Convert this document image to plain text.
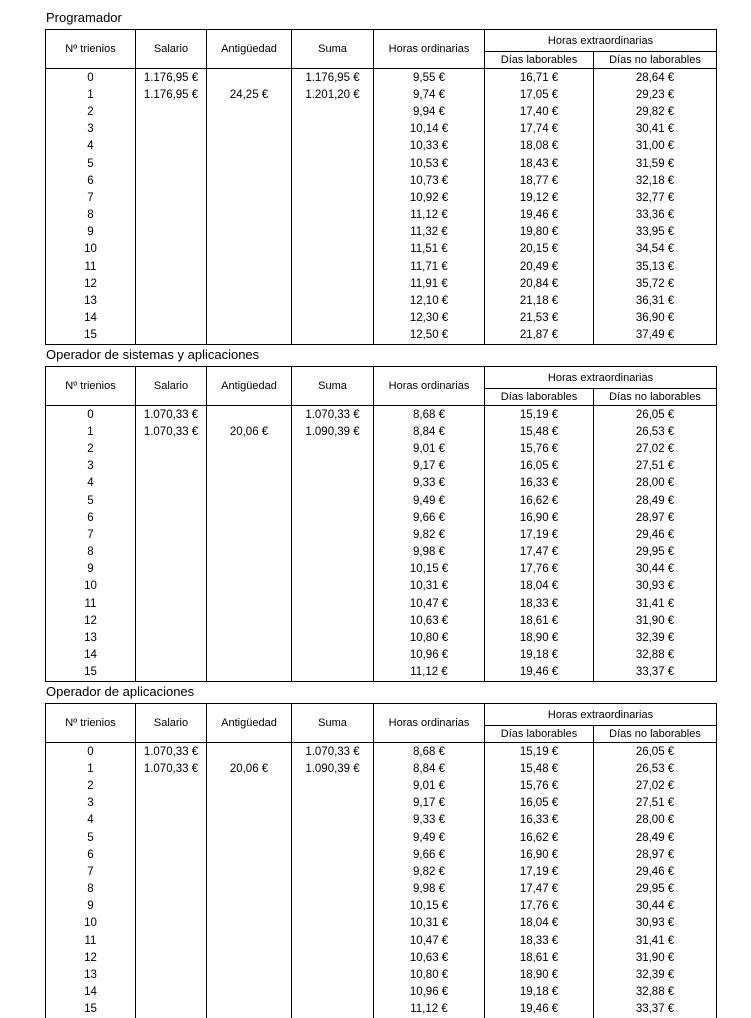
Programador
Nº trienios	Salario	Antigüedad	Suma	Horas ordinarias	Horas extraordinarias	
					Días laborables	Días no laborables
0	1.176,95 €		1.176,95 €	9,55 €	16,71 €	28,64 €
1	1.176,95 €	24,25 €	1.201,20 €	9,74 €	17,05 €	29,23 €
2				9,94 €	17,40 €	29,82 €
3				10,14 €	17,74 €	30,41 €
4				10,33 €	18,08 €	31,00 €
5				10,53 €	18,43 €	31,59 €
6				10,73 €	18,77 €	32,18 €
7				10,92 €	19,12 €	32,77 €
8				11,12 €	19,46 €	33,36 €
9				11,32 €	19,80 €	33,95 €
10				11,51 €	20,15 €	34,54 €
11				11,71 €	20,49 €	35,13 €
12				11,91 €	20,84 €	35,72 €
13				12,10 €	21,18 €	36,31 €
14				12,30 €	21,53 €	36,90 €
15				12,50 €	21,87 €	37,49 €
Operador de sistemas y aplicaciones
Nº trienios	Salario	Antigüedad	Suma	Horas ordinarias	Horas extraordinarias	
					Días laborables	Días no laborables
0	1.070,33 €		1.070,33 €	8,68 €	15,19 €	26,05 €
1	1.070,33 €	20,06 €	1.090,39 €	8,84 €	15,48 €	26,53 €
2				9,01 €	15,76 €	27,02 €
3				9,17 €	16,05 €	27,51 €
4				9,33 €	16,33 €	28,00 €
5				9,49 €	16,62 €	28,49 €
6				9,66 €	16,90 €	28,97 €
7				9,82 €	17,19 €	29,46 €
8				9,98 €	17,47 €	29,95 €
9				10,15 €	17,76 €	30,44 €
10				10,31 €	18,04 €	30,93 €
11				10,47 €	18,33 €	31,41 €
12				10,63 €	18,61 €	31,90 €
13				10,80 €	18,90 €	32,39 €
14				10,96 €	19,18 €	32,88 €
15				11,12 €	19,46 €	33,37 €
Operador de aplicaciones
Nº trienios	Salario	Antigüedad	Suma	Horas ordinarias	Horas extraordinarias	
					Días laborables	Días no laborables
0	1.070,33 €		1.070,33 €	8,68 €	15,19 €	26,05 €
1	1.070,33 €	20,06 €	1.090,39 €	8,84 €	15,48 €	26,53 €
2				9,01 €	15,76 €	27,02 €
3				9,17 €	16,05 €	27,51 €
4				9,33 €	16,33 €	28,00 €
5				9,49 €	16,62 €	28,49 €
6				9,66 €	16,90 €	28,97 €
7				9,82 €	17,19 €	29,46 €
8				9,98 €	17,47 €	29,95 €
9				10,15 €	17,76 €	30,44 €
10				10,31 €	18,04 €	30,93 €
11				10,47 €	18,33 €	31,41 €
12				10,63 €	18,61 €	31,90 €
13				10,80 €	18,90 €	32,39 €
14				10,96 €	19,18 €	32,88 €
15				11,12 €	19,46 €	33,37 €
